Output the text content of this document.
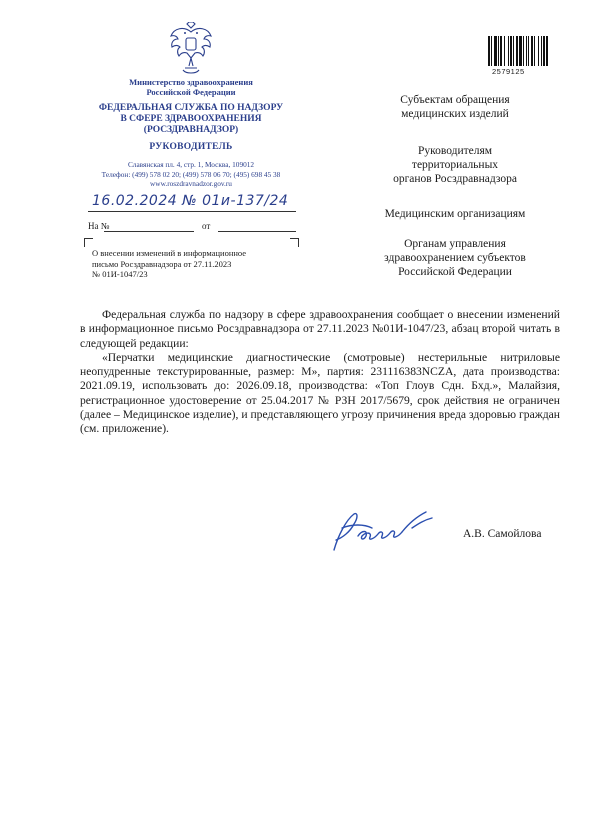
Министерство здравоохранения
Российской Федерации
ФЕДЕРАЛЬНАЯ СЛУЖБА ПО НАДЗОРУ
В СФЕРЕ ЗДРАВООХРАНЕНИЯ
(РОСЗДРАВНАДЗОР)
РУКОВОДИТЕЛЬ
Славянская пл. 4, стр. 1, Москва, 109012
Телефон: (499) 578 02 20; (499) 578 06 70; (495) 698 45 38
www.roszdravnadzor.gov.ru
16.02.2024 № 01и-137/24
На №	от
О внесении изменений в информационное
письмо Росздравнадзора от 27.11.2023
№ 01И-1047/23
2579125
Субъектам обращения
медицинских изделий
Руководителям
территориальных
органов Росздравнадзора
Медицинским организациям
Органам управления
здравоохранением субъектов
Российской Федерации

Федеральная служба по надзору в сфере здравоохранения сообщает о внесении изменений в информационное письмо Росздравнадзора от 27.11.2023 №01И-1047/23, абзац второй читать в следующей редакции:

«Перчатки медицинские диагностические (смотровые) нестерильные нитриловые неопудренные текстурированные, размер: M», партия: 231116383NCZA, дата производства: 2021.09.19, использовать до: 2026.09.18, производства: «Топ Глоув Сдн. Бхд.», Малайзия, регистрационное удостоверение от 25.04.2017 № РЗН 2017/5679, срок действия не ограничен (далее – Медицинское изделие), и представляющего угрозу причинения вреда здоровью граждан (см. приложение).

А.В. Самойлова
